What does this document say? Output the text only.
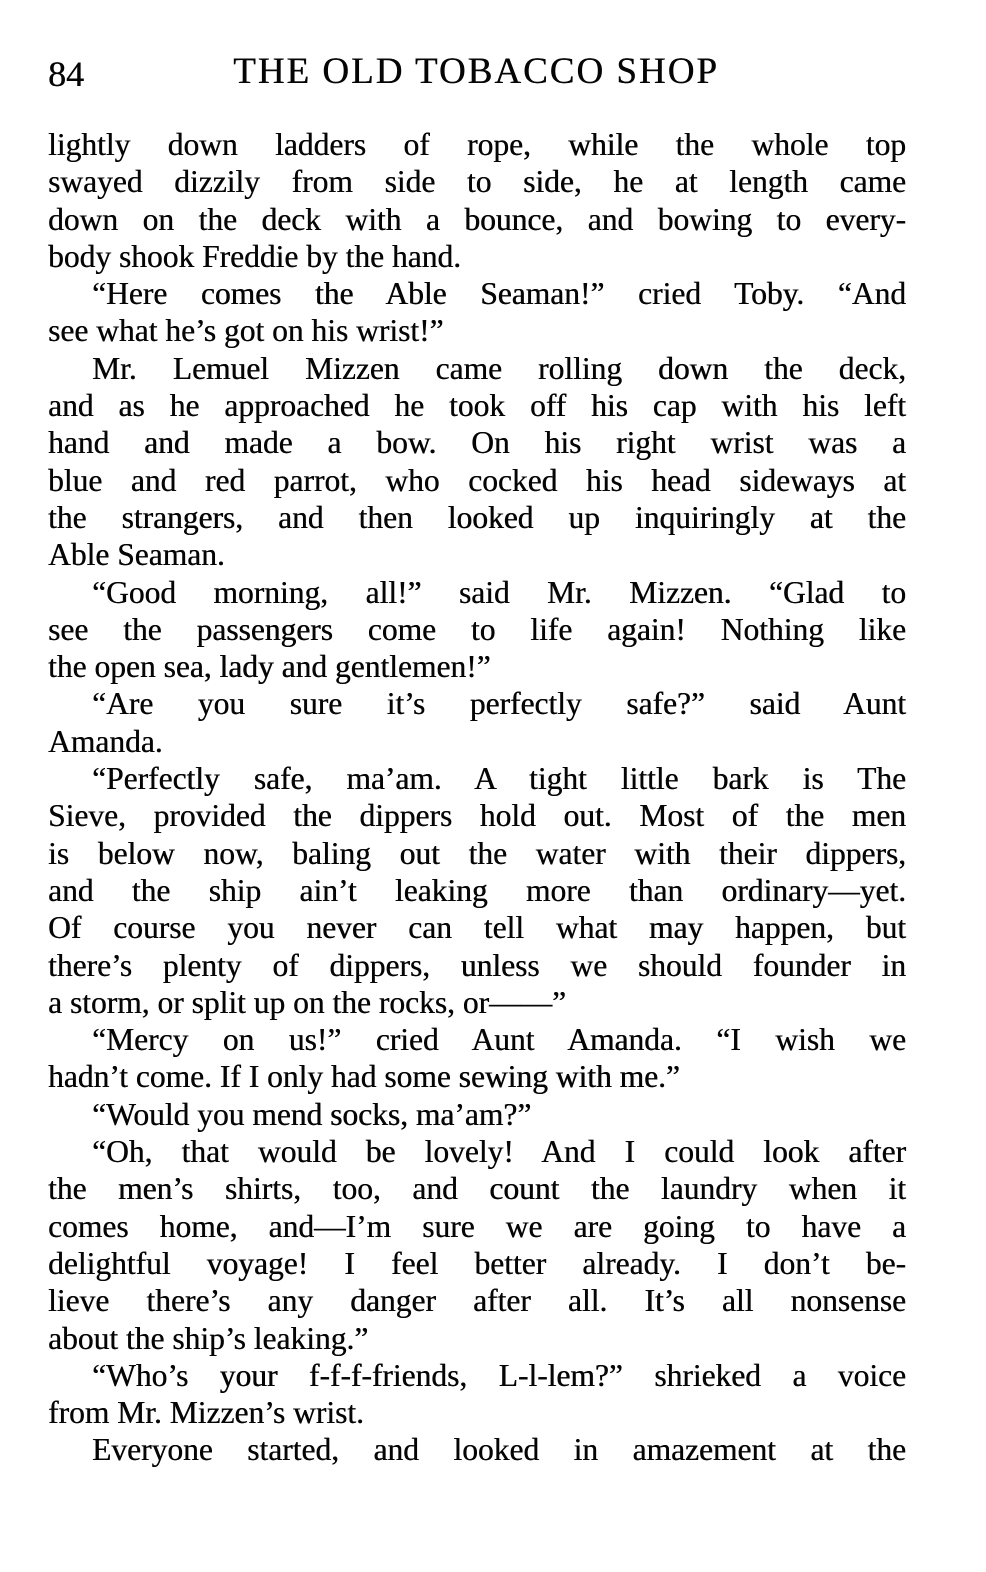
84	THE OLD TOBACCO SHOP
lightly down ladders of rope, while the whole top
swayed dizzily from side to side, he at length came
down on the deck with a bounce, and bowing to every-
body shook Freddie by the hand.
“Here comes the Able Seaman!” cried Toby. “And
see what he’s got on his wrist!”
Mr. Lemuel Mizzen came rolling down the deck,
and as he approached he took off his cap with his left
hand and made a bow. On his right wrist was a
blue and red parrot, who cocked his head sideways at
the strangers, and then looked up inquiringly at the
Able Seaman.
“Good morning, all!” said Mr. Mizzen. “Glad to
see the passengers come to life again! Nothing like
the open sea, lady and gentlemen!”
“Are you sure it’s perfectly safe?” said Aunt
Amanda.
“Perfectly safe, ma’am. A tight little bark is The
Sieve, provided the dippers hold out. Most of the men
is below now, baling out the water with their dippers,
and the ship ain’t leaking more than ordinary—yet.
Of course you never can tell what may happen, but
there’s plenty of dippers, unless we should founder in
a storm, or split up on the rocks, or——”
“Mercy on us!” cried Aunt Amanda. “I wish we
hadn’t come. If I only had some sewing with me.”
“Would you mend socks, ma’am?”
“Oh, that would be lovely! And I could look after
the men’s shirts, too, and count the laundry when it
comes home, and—I’m sure we are going to have a
delightful voyage! I feel better already. I don’t be-
lieve there’s any danger after all. It’s all nonsense
about the ship’s leaking.”
“Who’s your f-f-f-friends, L-l-lem?” shrieked a voice
from Mr. Mizzen’s wrist.
Everyone started, and looked in amazement at the
